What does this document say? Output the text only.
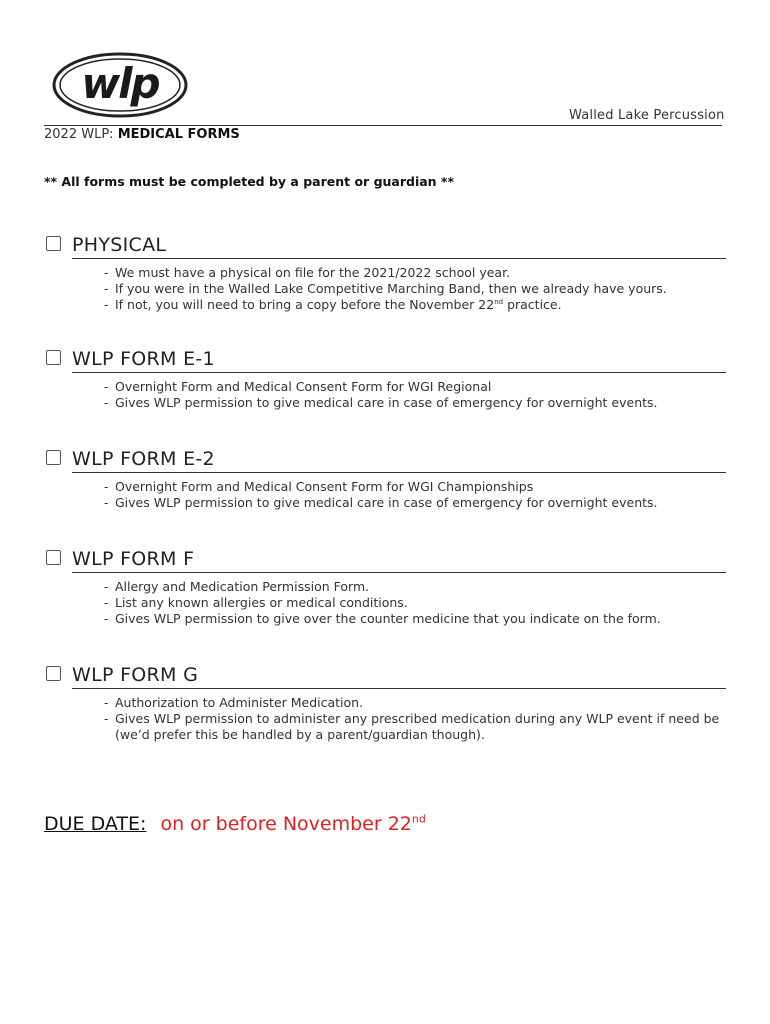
wlp
Walled Lake Percussion
2022 WLP: MEDICAL FORMS
** All forms must be completed by a parent or guardian **
PHYSICAL
- We must have a physical on file for the 2021/2022 school year.
- If you were in the Walled Lake Competitive Marching Band, then we already have yours.
- If not, you will need to bring a copy before the November 22nd practice.
WLP FORM E-1
- Overnight Form and Medical Consent Form for WGI Regional
- Gives WLP permission to give medical care in case of emergency for overnight events.
WLP FORM E-2
- Overnight Form and Medical Consent Form for WGI Championships
- Gives WLP permission to give medical care in case of emergency for overnight events.
WLP FORM F
- Allergy and Medication Permission Form.
- List any known allergies or medical conditions.
- Gives WLP permission to give over the counter medicine that you indicate on the form.
WLP FORM G
- Authorization to Administer Medication.
- Gives WLP permission to administer any prescribed medication during any WLP event if need be (we’d prefer this be handled by a parent/guardian though).
DUE DATE: on or before November 22nd
